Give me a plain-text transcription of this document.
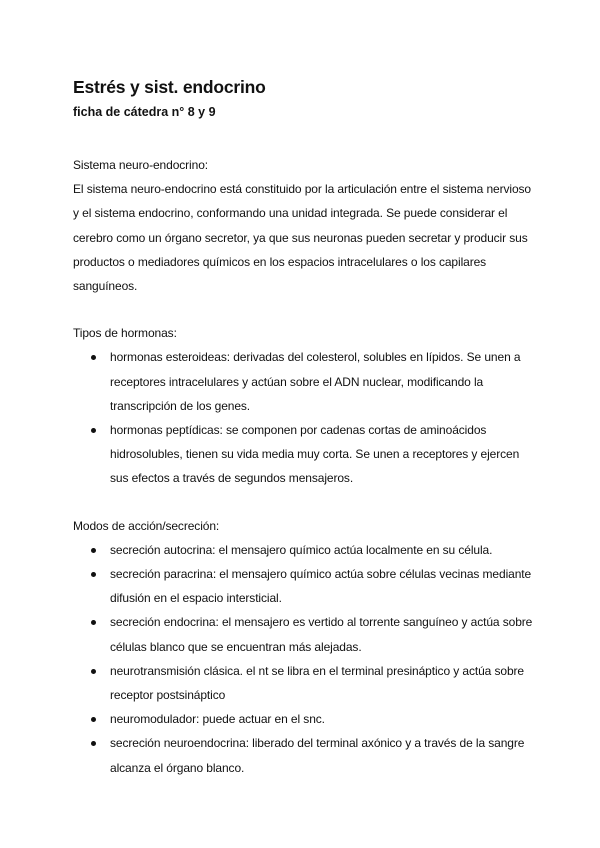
Estrés y sist. endocrino

ficha de cátedra n° 8 y 9

Sistema neuro-endocrino:

El sistema neuro-endocrino está constituido por la articulación entre el sistema nervioso y el sistema endocrino, conformando una unidad integrada. Se puede considerar el cerebro como un órgano secretor, ya que sus neuronas pueden secretar y producir sus productos o mediadores químicos en los espacios intracelulares o los capilares sanguíneos.

Tipos de hormonas:

hormonas esteroideas: derivadas del colesterol, solubles en lípidos. Se unen a receptores intracelulares y actúan sobre el ADN nuclear, modificando la transcripción de los genes.
hormonas peptídicas: se componen por cadenas cortas de aminoácidos hidrosolubles, tienen su vida media muy corta. Se unen a receptores y ejercen sus efectos a través de segundos mensajeros.

Modos de acción/secreción:

secreción autocrina: el mensajero químico actúa localmente en su célula.
secreción paracrina: el mensajero químico actúa sobre células vecinas mediante difusión en el espacio intersticial.
secreción endocrina: el mensajero es vertido al torrente sanguíneo y actúa sobre células blanco que se encuentran más alejadas.
neurotransmisión clásica. el nt se libra en el terminal presináptico y actúa sobre receptor postsináptico
neuromodulador: puede actuar en el snc.
secreción neuroendocrina: liberado del terminal axónico y a través de la sangre alcanza el órgano blanco.
